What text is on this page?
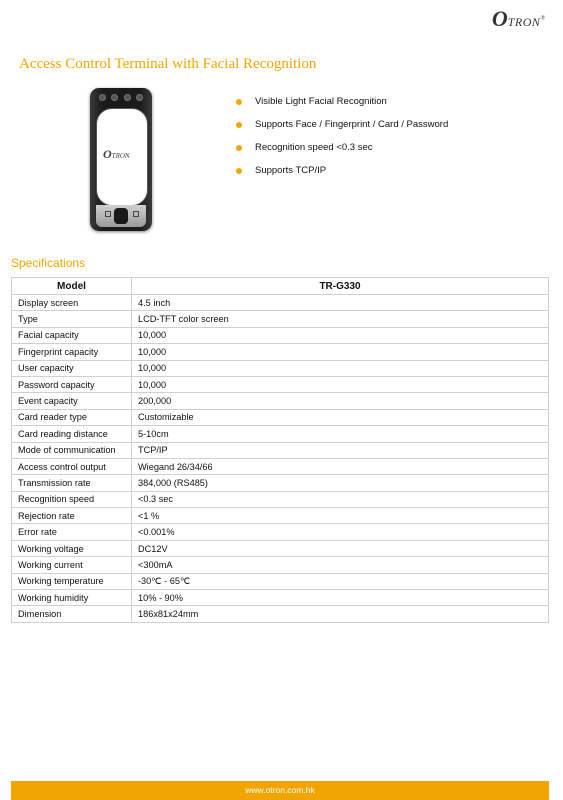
OTRON®
Access Control Terminal with Facial Recognition
OTRON
Visible Light Facial Recognition
Supports Face / Fingerprint / Card / Password
Recognition speed <0.3 sec
Supports TCP/IP
Specifications
Model	TR-G330
Display screen	4.5 inch
Type	LCD-TFT color screen
Facial capacity	10,000
Fingerprint capacity	10,000
User capacity	10,000
Password capacity	10,000
Event capacity	200,000
Card reader type	Customizable
Card reading distance	5-10cm
Mode of communication	TCP/IP
Access control output	Wiegand 26/34/66
Transmission rate	384,000 (RS485)
Recognition speed	<0.3 sec
Rejection rate	<1 %
Error rate	<0.001%
Working voltage	DC12V
Working current	<300mA
Working temperature	-30℃ - 65℃
Working humidity	10% - 90%
Dimension	186x81x24mm
www.otron.com.hk
